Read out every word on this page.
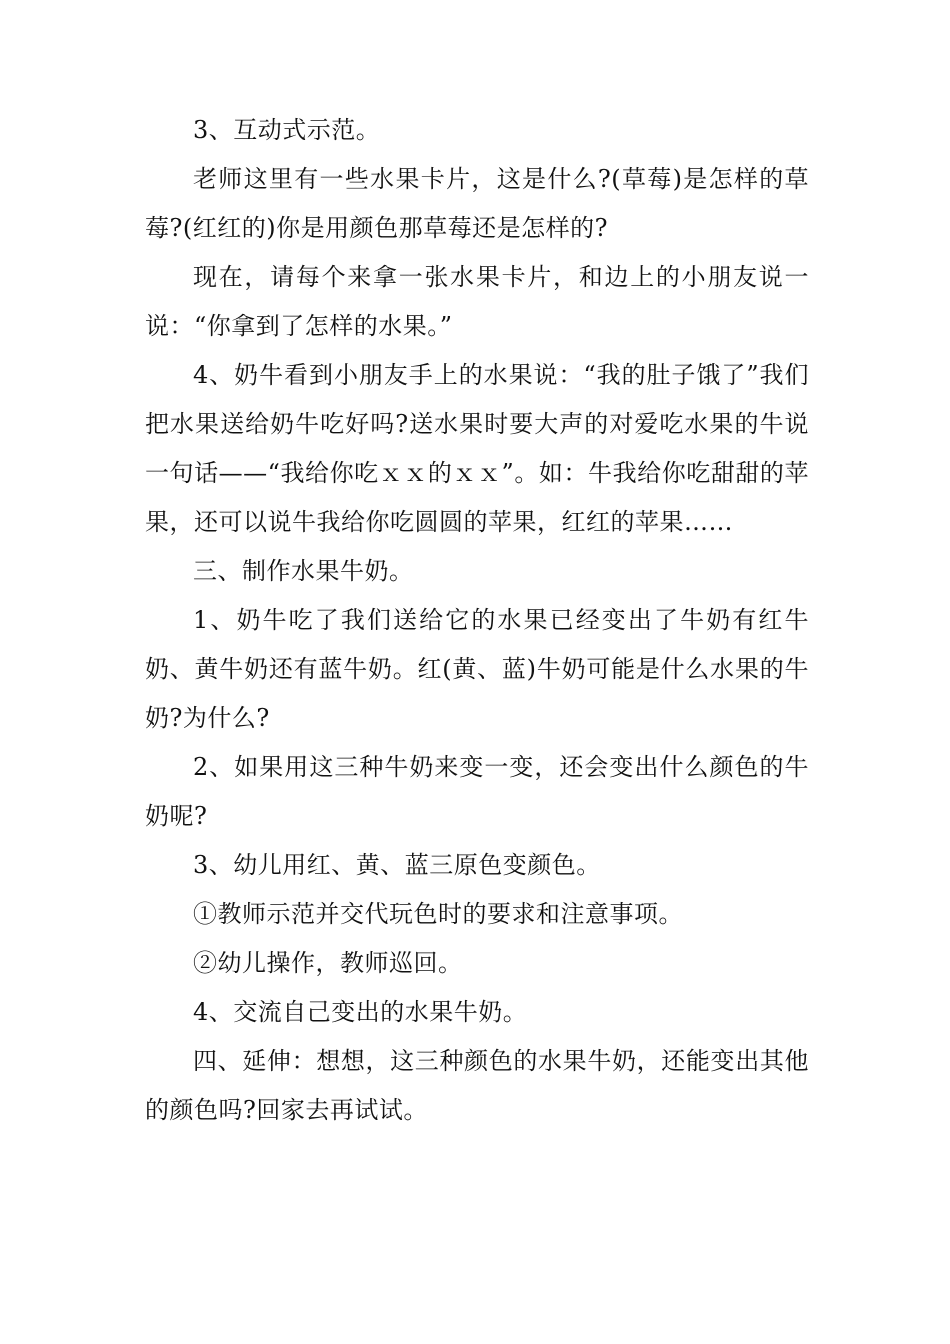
3、互动式示范。

老师这里有一些水果卡片，这是什么?(草莓)是怎样的草莓?(红红的)你是用颜色那草莓还是怎样的?

现在，请每个来拿一张水果卡片，和边上的小朋友说一说：“你拿到了怎样的水果。”

4、奶牛看到小朋友手上的水果说：“我的肚子饿了”我们把水果送给奶牛吃好吗?送水果时要大声的对爱吃水果的牛说一句话——“我给你吃ｘｘ的ｘｘ”。如：牛我给你吃甜甜的苹果，还可以说牛我给你吃圆圆的苹果，红红的苹果……

三、制作水果牛奶。

1、奶牛吃了我们送给它的水果已经变出了牛奶有红牛奶、黄牛奶还有蓝牛奶。红(黄、蓝)牛奶可能是什么水果的牛奶?为什么?

2、如果用这三种牛奶来变一变，还会变出什么颜色的牛奶呢?

3、幼儿用红、黄、蓝三原色变颜色。

①教师示范并交代玩色时的要求和注意事项。

②幼儿操作，教师巡回。

4、交流自己变出的水果牛奶。

四、延伸：想想，这三种颜色的水果牛奶，还能变出其他的颜色吗?回家去再试试。
